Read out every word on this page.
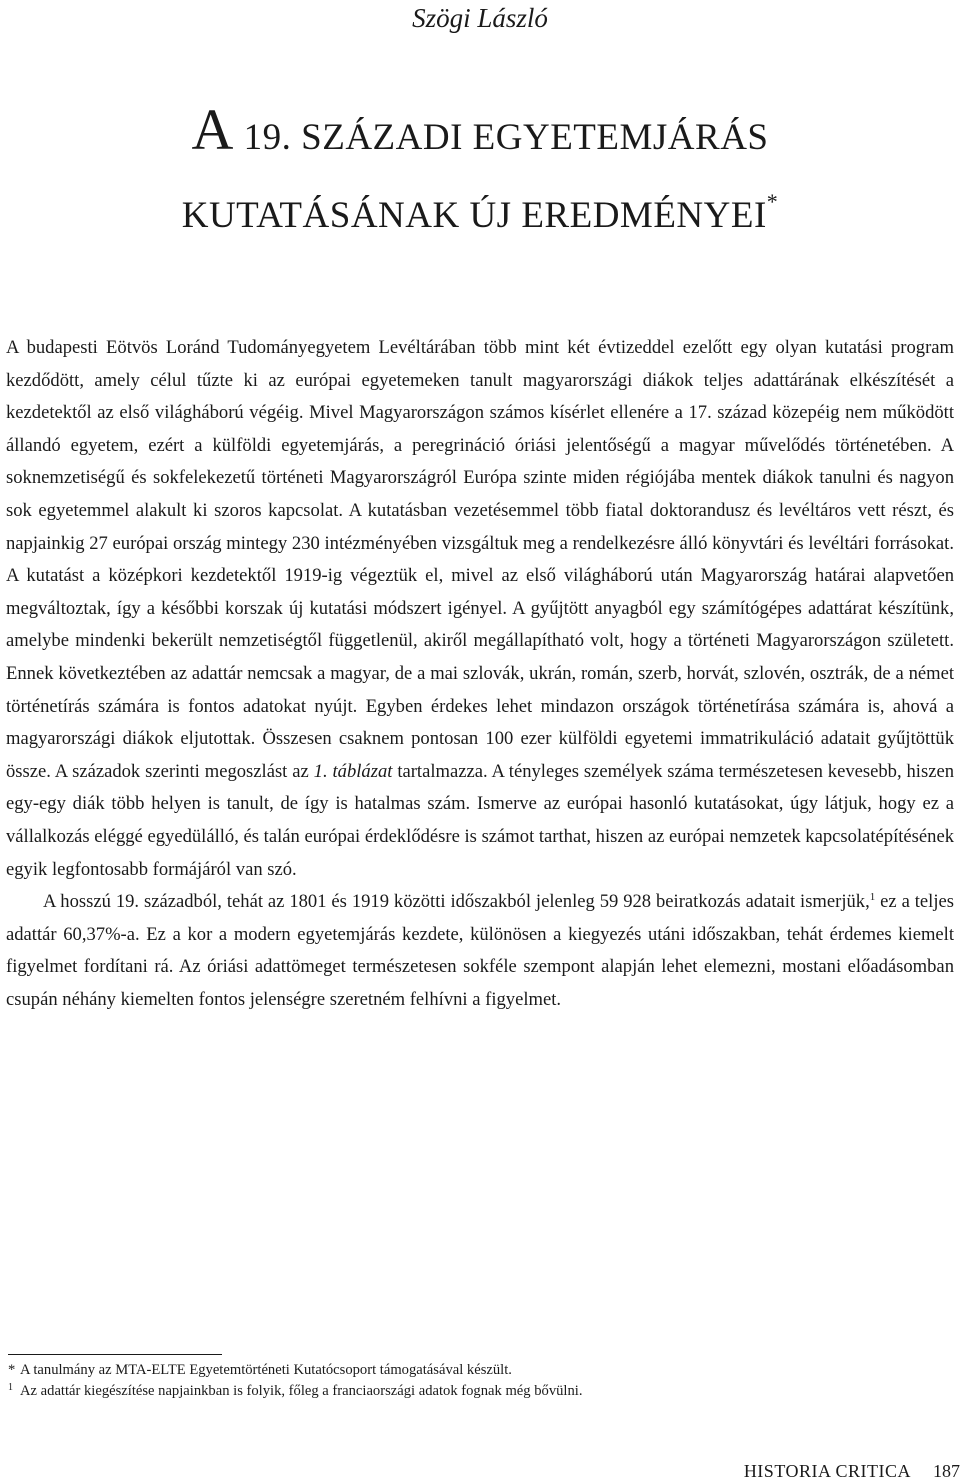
Szögi László
A 19. SZÁZADI EGYETEMJÁRÁS
KUTATÁSÁNAK ÚJ EREDMÉNYEI*

A budapesti Eötvös Loránd Tudományegyetem Levéltárában több mint két évtizeddel ezelőtt egy olyan kutatási program kezdődött, amely célul tűzte ki az európai egyetemeken tanult magyarországi diákok teljes adattárának elkészítését a kezdetektől az első világháború végéig. Mivel Magyarországon számos kísérlet ellenére a 17. század közepéig nem működött állandó egyetem, ezért a külföldi egyetemjárás, a peregrináció óriási jelentőségű a magyar művelődés történetében. A soknemzetiségű és sokfelekezetű történeti Magyarországról Európa szinte miden régiójába mentek diákok tanulni és nagyon sok egyetemmel alakult ki szoros kapcsolat. A kutatásban vezetésemmel több fiatal doktorandusz és levéltáros vett részt, és napjainkig 27 európai ország mintegy 230 intézményében vizsgáltuk meg a rendelkezésre álló könyvtári és levéltári forrásokat. A kutatást a középkori kezdetektől 1919-ig végeztük el, mivel az első világháború után Magyarország határai alapvetően megváltoztak, így a későbbi korszak új kutatási módszert igényel. A gyűjtött anyagból egy számítógépes adattárat készítünk, amelybe mindenki bekerült nemzetiségtől függetlenül, akiről megállapítható volt, hogy a történeti Magyarországon született. Ennek következtében az adattár nemcsak a magyar, de a mai szlovák, ukrán, román, szerb, horvát, szlovén, osztrák, de a német történetírás számára is fontos adatokat nyújt. Egyben érdekes lehet mindazon országok történetírása számára is, ahová a magyarországi diákok eljutottak. Összesen csaknem pontosan 100 ezer külföldi egyetemi immatrikuláció adatait gyűjtöttük össze. A századok szerinti megoszlást az 1. táblázat tartalmazza. A tényleges személyek száma természetesen kevesebb, hiszen egy-egy diák több helyen is tanult, de így is hatalmas szám. Ismerve az európai hasonló kutatásokat, úgy látjuk, hogy ez a vállalkozás eléggé egyedülálló, és talán európai érdeklődésre is számot tarthat, hiszen az európai nemzetek kapcsolatépítésének egyik legfontosabb formájáról van szó.

A hosszú 19. századból, tehát az 1801 és 1919 közötti időszakból jelenleg 59 928 beiratkozás adatait ismerjük,$^1$ ez a teljes adattár 60,37%-a. Ez a kor a modern egyetemjárás kezdete, különösen a kiegyezés utáni időszakban, tehát érdemes kiemelt figyelmet fordítani rá. Az óriási adattömeget természetesen sokféle szempont alapján lehet elemezni, mostani előadásomban csupán néhány kiemelten fontos jelenségre szeretném felhívni a figyelmet.

* A tanulmány az MTA-ELTE Egyetemtörténeti Kutatócsoport támogatásával készült.
1 Az adattár kiegészítése napjainkban is folyik, főleg a franciaországi adatok fognak még bővülni.
HISTORIA CRITICA 187
